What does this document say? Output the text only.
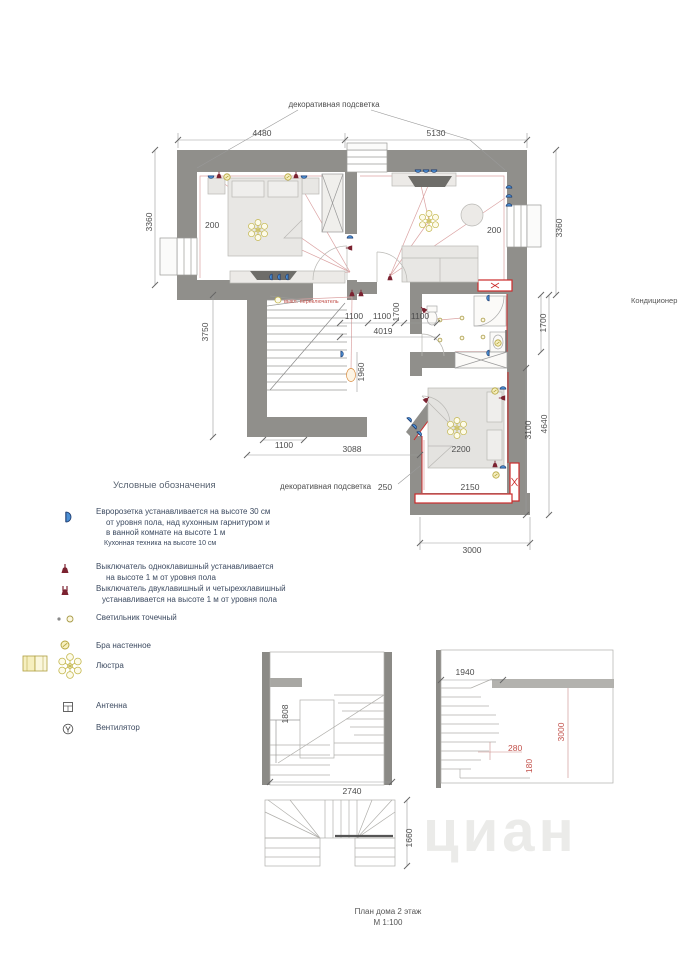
циан
4480	5130
3360
3750
3360
1700
3100 4640
200	200
1100 1100 1700 1100
4019
1960
1100	3088
250	2150
2200
3000
декоративная подсветка
декоративная подсветка
выкл. переключатель
1808
2740
1940
280
180
3000
1660
Условные обозначения
Евророзетка устанавливается на высоте 30 см
от уровня пола, над кухонным гарнитуром и
в ванной комнате на высоте 1 м
Кухонная техника на высоте 10 см
Выключатель одноклавишный устанавливается
на высоте 1 м от уровня пола
Выключатель двуклавишный и четырехклавишный
устанавливается на высоте 1 м от уровня пола
Светильник точечный
Бра настенное
Люстра
Антенна
Вентилятор
Кондиционер
План дома 2 этаж
М 1:100
